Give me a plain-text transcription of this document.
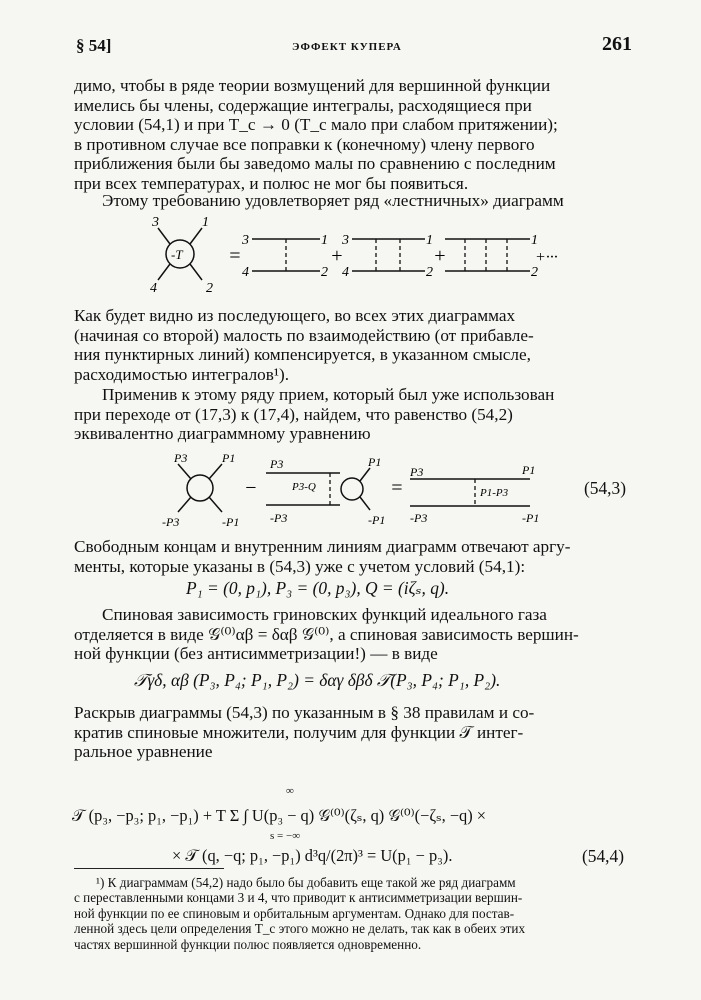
§ 54]	ЭФФЕКТ КУПЕРА	261
димо, чтобы в ряде теории возмущений для вершинной функции
имелись бы члены, содержащие интегралы, расходящиеся при
условии (54,1) и при T_c → 0 (T_c мало при слабом притяжении);
в противном случае все поправки к (конечному) члену первого
приближения были бы заведомо малы по сравнению с последним
при всех температурах, и полюс не мог бы появиться.
Этому требованию удовлетворяет ряд «лестничных» диаграмм
-T
3	1
4	2
=
3	1
4	2
+
3	1
4	2
+
1
2
+···
Как будет видно из последующего, во всех этих диаграммах
(начиная со второй) малость по взаимодействию (от прибавле-
ния пунктирных линий) компенсируется, в указанном смысле,
расходимостью интегралов¹).
Применив к этому ряду прием, который был уже использован
при переходе от (17,3) к (17,4), найдем, что равенство (54,2)
эквивалентно диаграммному уравнению
P3	P1
-P3	-P1
−
P3
P3-Q
P1
-P3	-P1
=
P3	P1
P1-P3
-P3	-P1
(54,3)
Свободным концам и внутренним линиям диаграмм отвечают аргу-
менты, которые указаны в (54,3) уже с учетом условий (54,1):
P₁ = (0, p₁), P₃ = (0, p₃), Q = (iζₛ, q).
Спиновая зависимость гриновских функций идеального газа
отделяется в виде 𝒢⁽⁰⁾αβ = δαβ 𝒢⁽⁰⁾, а спиновая зависимость вершин-
ной функции (без антисимметризации!) — в виде
𝒯γδ, αβ (P₃, P₄; P₁, P₂) = δαγ δβδ 𝒯(P₃, P₄; P₁, P₂).
Раскрыв диаграммы (54,3) по указанным в § 38 правилам и со-
кратив спиновые множители, получим для функции 𝒯 интег-
ральное уравнение
∞
𝒯 (p₃, −p₃; p₁, −p₁) + T Σ ∫ U(p₃ − q) 𝒢⁽⁰⁾(ζₛ, q) 𝒢⁽⁰⁾(−ζₛ, −q) ×
s = −∞
× 𝒯 (q, −q; p₁, −p₁) d³q/(2π)³ = U(p₁ − p₃).	(54,4)
¹) К диаграммам (54,2) надо было бы добавить еще такой же ряд диаграмм
с переставленными концами 3 и 4, что приводит к антисимметризации вершин-
ной функции по ее спиновым и орбитальным аргументам. Однако для постав-
ленной здесь цели определения T_c этого можно не делать, так как в обеих этих
частях вершинной функции полюс появляется одновременно.
